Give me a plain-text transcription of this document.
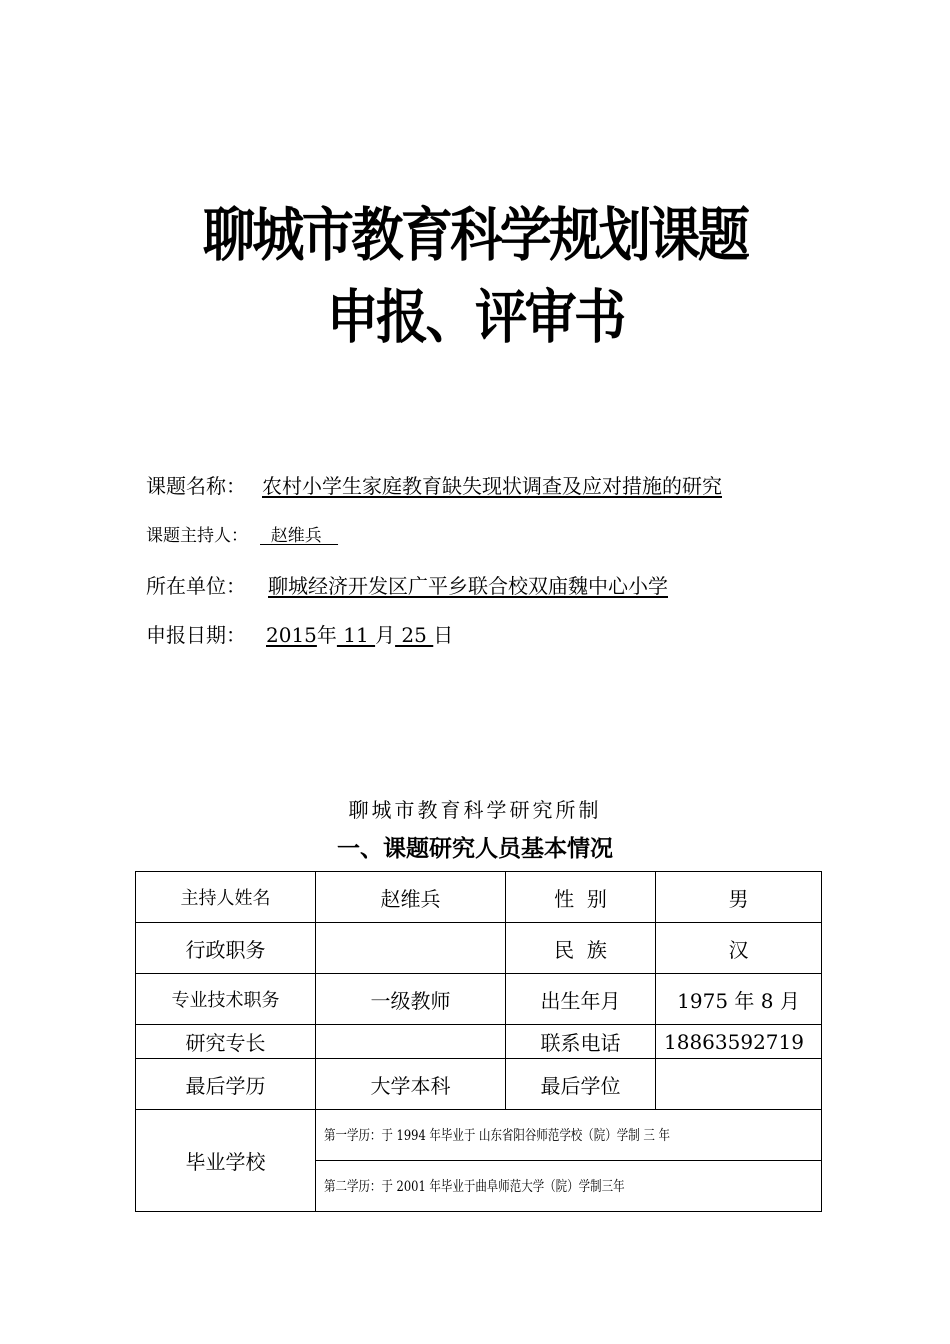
聊城市教育科学规划课题
申报、评审书
课题名称： 农村小学生家庭教育缺失现状调查及应对措施的研究
课题主持人：  赵维兵
所在单位： 聊城经济开发区广平乡联合校双庙魏中心小学
申报日期： 2015年 11 月 25 日
聊城市教育科学研究所制
一、课题研究人员基本情况
主持人姓名	赵维兵	性  别	男
行政职务		民  族	汉
专业技术职务	一级教师	出生年月	1975 年 8 月
研究专长		联系电话	18863592719
最后学历	大学本科	最后学位	
毕业学校	第一学历：于 1994 年毕业于 山东省阳谷师范学校（院）学制 三 年		
	第二学历：于 2001 年毕业于曲阜师范大学（院）学制三年		
